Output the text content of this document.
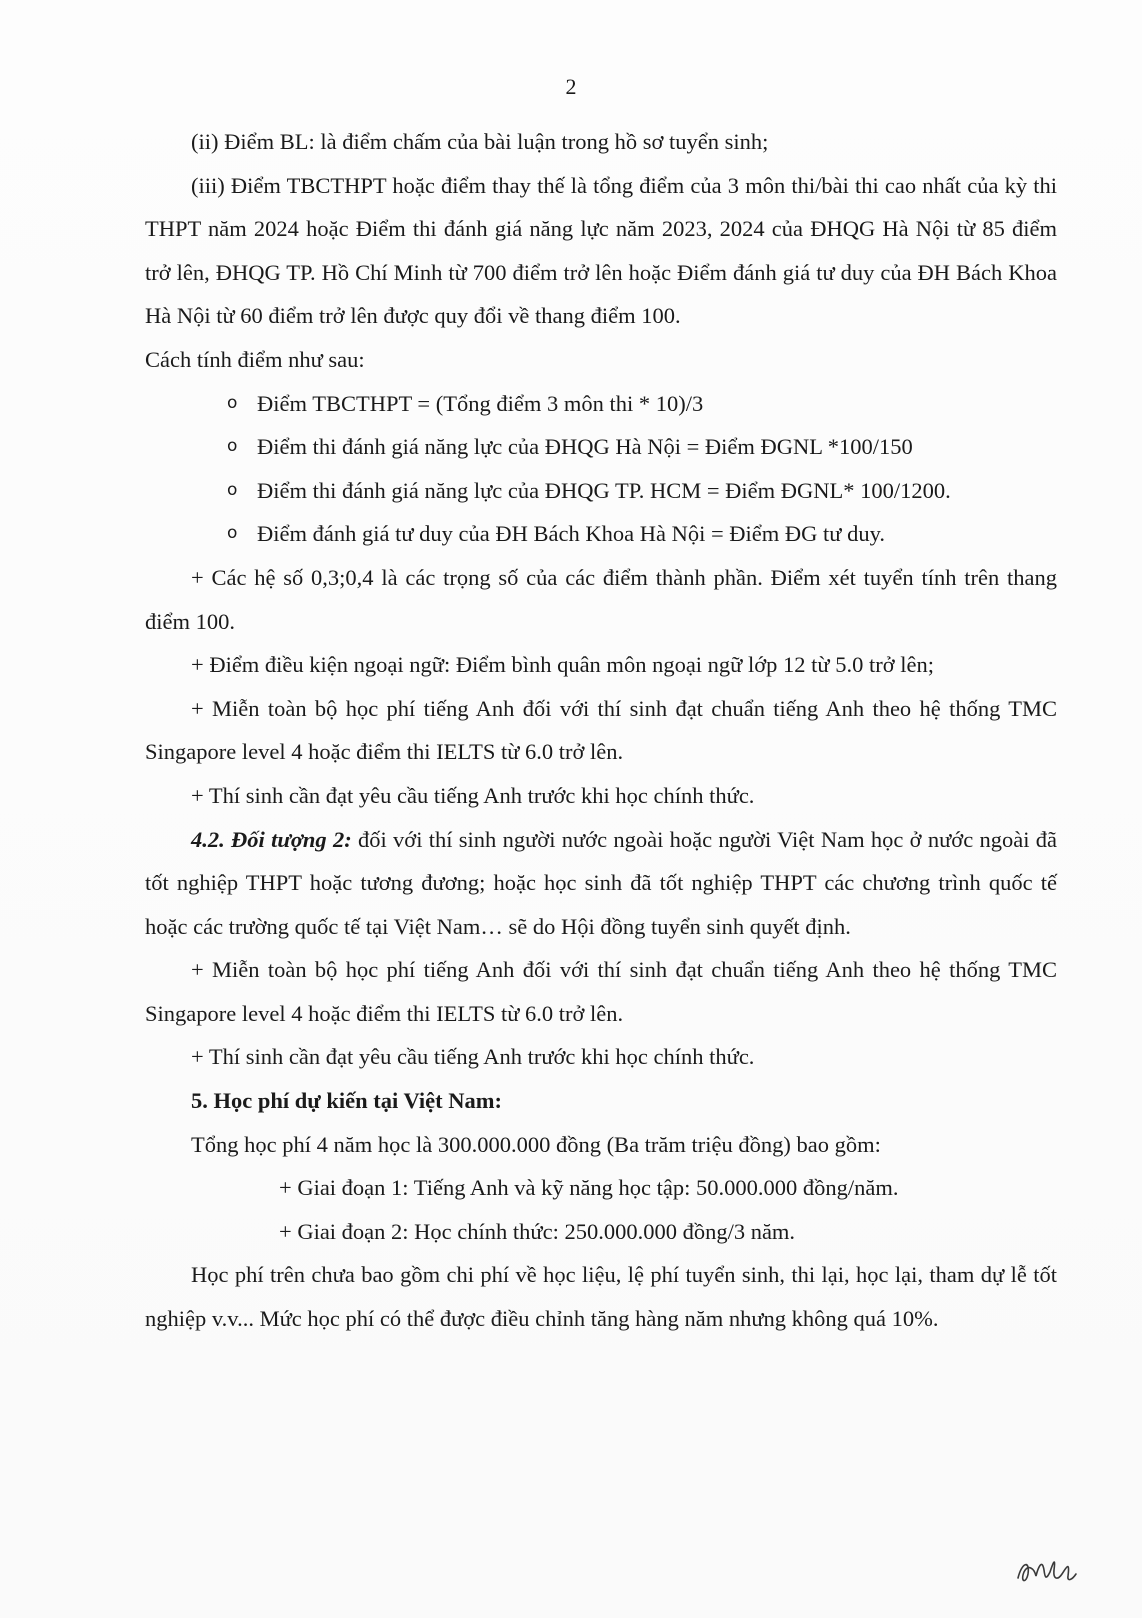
2

(ii) Điểm BL: là điểm chấm của bài luận trong hồ sơ tuyển sinh;

(iii) Điểm TBCTHPT hoặc điểm thay thế là tổng điểm của 3 môn thi/bài thi cao nhất của kỳ thi THPT năm 2024 hoặc Điểm thi đánh giá năng lực năm 2023, 2024 của ĐHQG Hà Nội từ 85 điểm trở lên, ĐHQG TP. Hồ Chí Minh từ 700 điểm trở lên hoặc Điểm đánh giá tư duy của ĐH Bách Khoa Hà Nội từ 60 điểm trở lên được quy đổi về thang điểm 100.

Cách tính điểm như sau:

o Điểm TBCTHPT = (Tổng điểm 3 môn thi * 10)/3

o Điểm thi đánh giá năng lực của ĐHQG Hà Nội = Điểm ĐGNL *100/150

o Điểm thi đánh giá năng lực của ĐHQG TP. HCM = Điểm ĐGNL* 100/1200.

o Điểm đánh giá tư duy của ĐH Bách Khoa Hà Nội = Điểm ĐG tư duy.

+ Các hệ số 0,3;0,4 là các trọng số của các điểm thành phần. Điểm xét tuyển tính trên thang điểm 100.

+ Điểm điều kiện ngoại ngữ: Điểm bình quân môn ngoại ngữ lớp 12 từ 5.0 trở lên;

+ Miễn toàn bộ học phí tiếng Anh đối với thí sinh đạt chuẩn tiếng Anh theo hệ thống TMC Singapore level 4 hoặc điểm thi IELTS từ 6.0 trở lên.

+ Thí sinh cần đạt yêu cầu tiếng Anh trước khi học chính thức.

4.2. Đối tượng 2: đối với thí sinh người nước ngoài hoặc người Việt Nam học ở nước ngoài đã tốt nghiệp THPT hoặc tương đương; hoặc học sinh đã tốt nghiệp THPT các chương trình quốc tế hoặc các trường quốc tế tại Việt Nam… sẽ do Hội đồng tuyển sinh quyết định.

+ Miễn toàn bộ học phí tiếng Anh đối với thí sinh đạt chuẩn tiếng Anh theo hệ thống TMC Singapore level 4 hoặc điểm thi IELTS từ 6.0 trở lên.

+ Thí sinh cần đạt yêu cầu tiếng Anh trước khi học chính thức.

5. Học phí dự kiến tại Việt Nam:

Tổng học phí 4 năm học là 300.000.000 đồng (Ba trăm triệu đồng) bao gồm:

+ Giai đoạn 1: Tiếng Anh và kỹ năng học tập: 50.000.000 đồng/năm.

+ Giai đoạn 2: Học chính thức: 250.000.000 đồng/3 năm.

Học phí trên chưa bao gồm chi phí về học liệu, lệ phí tuyển sinh, thi lại, học lại, tham dự lễ tốt nghiệp v.v... Mức học phí có thể được điều chỉnh tăng hàng năm nhưng không quá 10%.
